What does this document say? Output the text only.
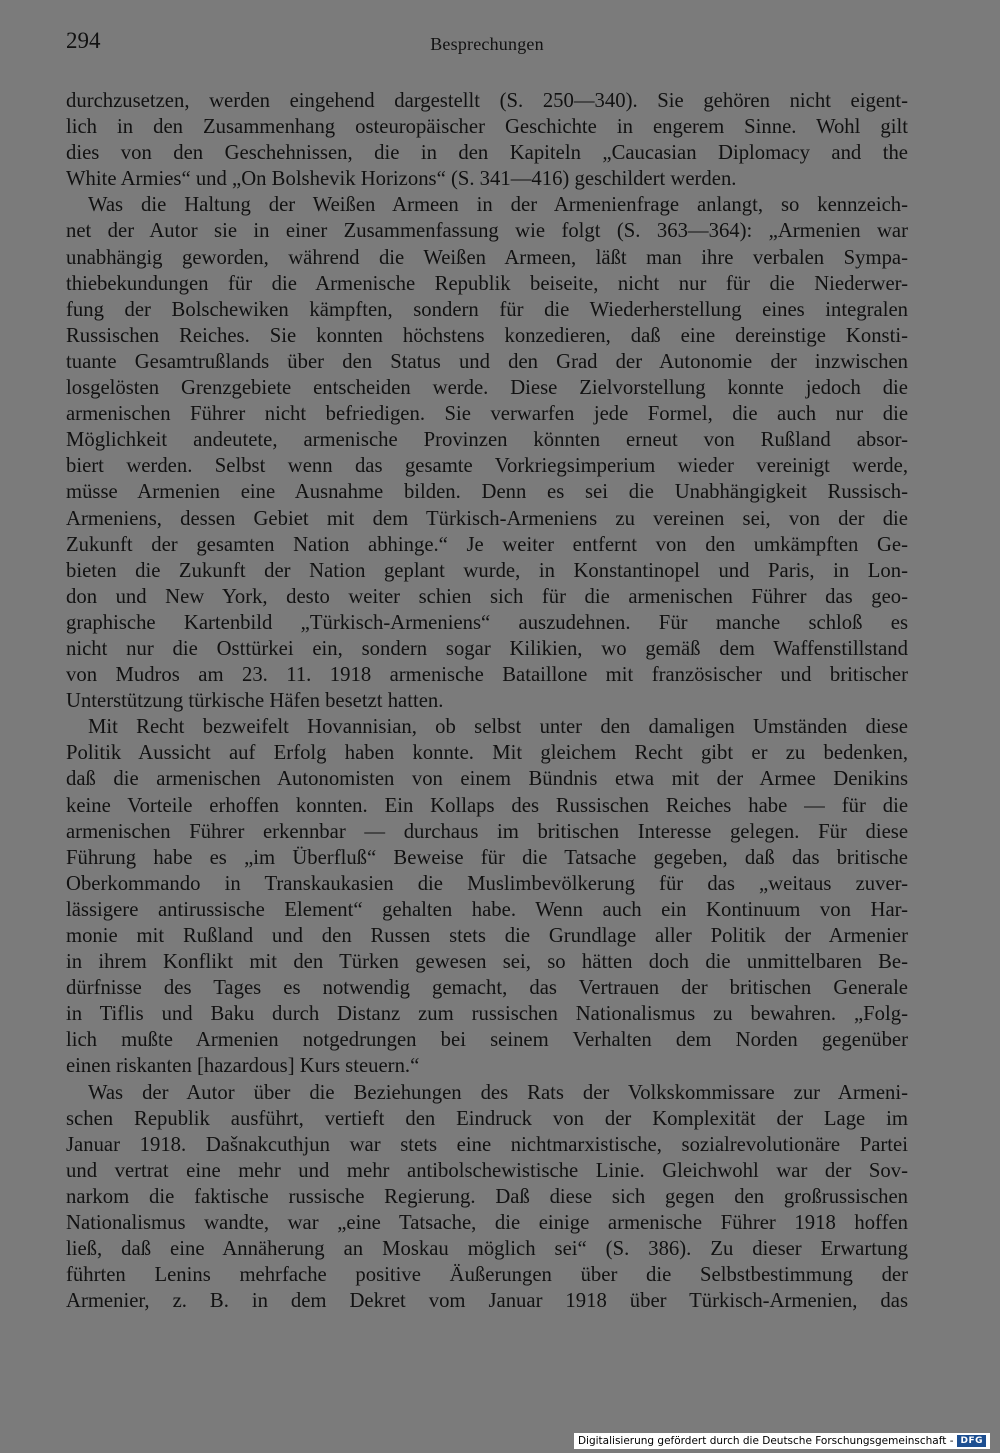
294	Besprechungen
durchzusetzen, werden eingehend dargestellt (S. 250—340). Sie gehören nicht eigent-
lich in den Zusammenhang osteuropäischer Geschichte in engerem Sinne. Wohl gilt
dies von den Geschehnissen, die in den Kapiteln „Caucasian Diplomacy and the
White Armies“ und „On Bolshevik Horizons“ (S. 341—416) geschildert werden.
Was die Haltung der Weißen Armeen in der Armenienfrage anlangt, so kennzeich-
net der Autor sie in einer Zusammenfassung wie folgt (S. 363—364): „Armenien war
unabhängig geworden, während die Weißen Armeen, läßt man ihre verbalen Sympa-
thiebekundungen für die Armenische Republik beiseite, nicht nur für die Niederwer-
fung der Bolschewiken kämpften, sondern für die Wiederherstellung eines integralen
Russischen Reiches. Sie konnten höchstens konzedieren, daß eine dereinstige Konsti-
tuante Gesamtrußlands über den Status und den Grad der Autonomie der inzwischen
losgelösten Grenzgebiete entscheiden werde. Diese Zielvorstellung konnte jedoch die
armenischen Führer nicht befriedigen. Sie verwarfen jede Formel, die auch nur die
Möglichkeit andeutete, armenische Provinzen könnten erneut von Rußland absor-
biert werden. Selbst wenn das gesamte Vorkriegsimperium wieder vereinigt werde,
müsse Armenien eine Ausnahme bilden. Denn es sei die Unabhängigkeit Russisch-
Armeniens, dessen Gebiet mit dem Türkisch-Armeniens zu vereinen sei, von der die
Zukunft der gesamten Nation abhinge.“ Je weiter entfernt von den umkämpften Ge-
bieten die Zukunft der Nation geplant wurde, in Konstantinopel und Paris, in Lon-
don und New York, desto weiter schien sich für die armenischen Führer das geo-
graphische Kartenbild „Türkisch-Armeniens“ auszudehnen. Für manche schloß es
nicht nur die Osttürkei ein, sondern sogar Kilikien, wo gemäß dem Waffenstillstand
von Mudros am 23. 11. 1918 armenische Bataillone mit französischer und britischer
Unterstützung türkische Häfen besetzt hatten.
Mit Recht bezweifelt Hovannisian, ob selbst unter den damaligen Umständen diese
Politik Aussicht auf Erfolg haben konnte. Mit gleichem Recht gibt er zu bedenken,
daß die armenischen Autonomisten von einem Bündnis etwa mit der Armee Denikins
keine Vorteile erhoffen konnten. Ein Kollaps des Russischen Reiches habe — für die
armenischen Führer erkennbar — durchaus im britischen Interesse gelegen. Für diese
Führung habe es „im Überfluß“ Beweise für die Tatsache gegeben, daß das britische
Oberkommando in Transkaukasien die Muslimbevölkerung für das „weitaus zuver-
lässigere antirussische Element“ gehalten habe. Wenn auch ein Kontinuum von Har-
monie mit Rußland und den Russen stets die Grundlage aller Politik der Armenier
in ihrem Konflikt mit den Türken gewesen sei, so hätten doch die unmittelbaren Be-
dürfnisse des Tages es notwendig gemacht, das Vertrauen der britischen Generale
in Tiflis und Baku durch Distanz zum russischen Nationalismus zu bewahren. „Folg-
lich mußte Armenien notgedrungen bei seinem Verhalten dem Norden gegenüber
einen riskanten [hazardous] Kurs steuern.“
Was der Autor über die Beziehungen des Rats der Volkskommissare zur Armeni-
schen Republik ausführt, vertieft den Eindruck von der Komplexität der Lage im
Januar 1918. Dašnakcuthjun war stets eine nichtmarxistische, sozialrevolutionäre Partei
und vertrat eine mehr und mehr antibolschewistische Linie. Gleichwohl war der Sov-
narkom die faktische russische Regierung. Daß diese sich gegen den großrussischen
Nationalismus wandte, war „eine Tatsache, die einige armenische Führer 1918 hoffen
ließ, daß eine Annäherung an Moskau möglich sei“ (S. 386). Zu dieser Erwartung
führten Lenins mehrfache positive Äußerungen über die Selbstbestimmung der
Armenier, z. B. in dem Dekret vom Januar 1918 über Türkisch-Armenien, das
Digitalisierung gefördert durch die Deutsche Forschungsgemeinschaft - DFG
